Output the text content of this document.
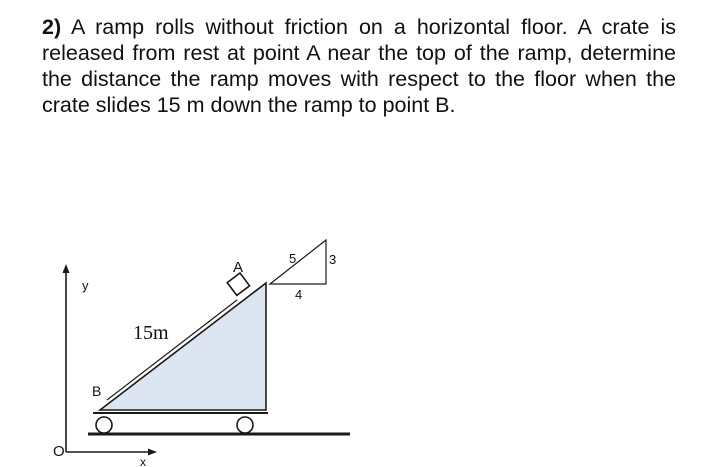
2) A ramp rolls without friction on a horizontal floor. A crate is released from rest at point A near the top of the ramp, determine the distance the ramp moves with respect to the floor when the crate slides 15 m down the ramp to point B.
O
y
x
A
B
15m
5	3
4
